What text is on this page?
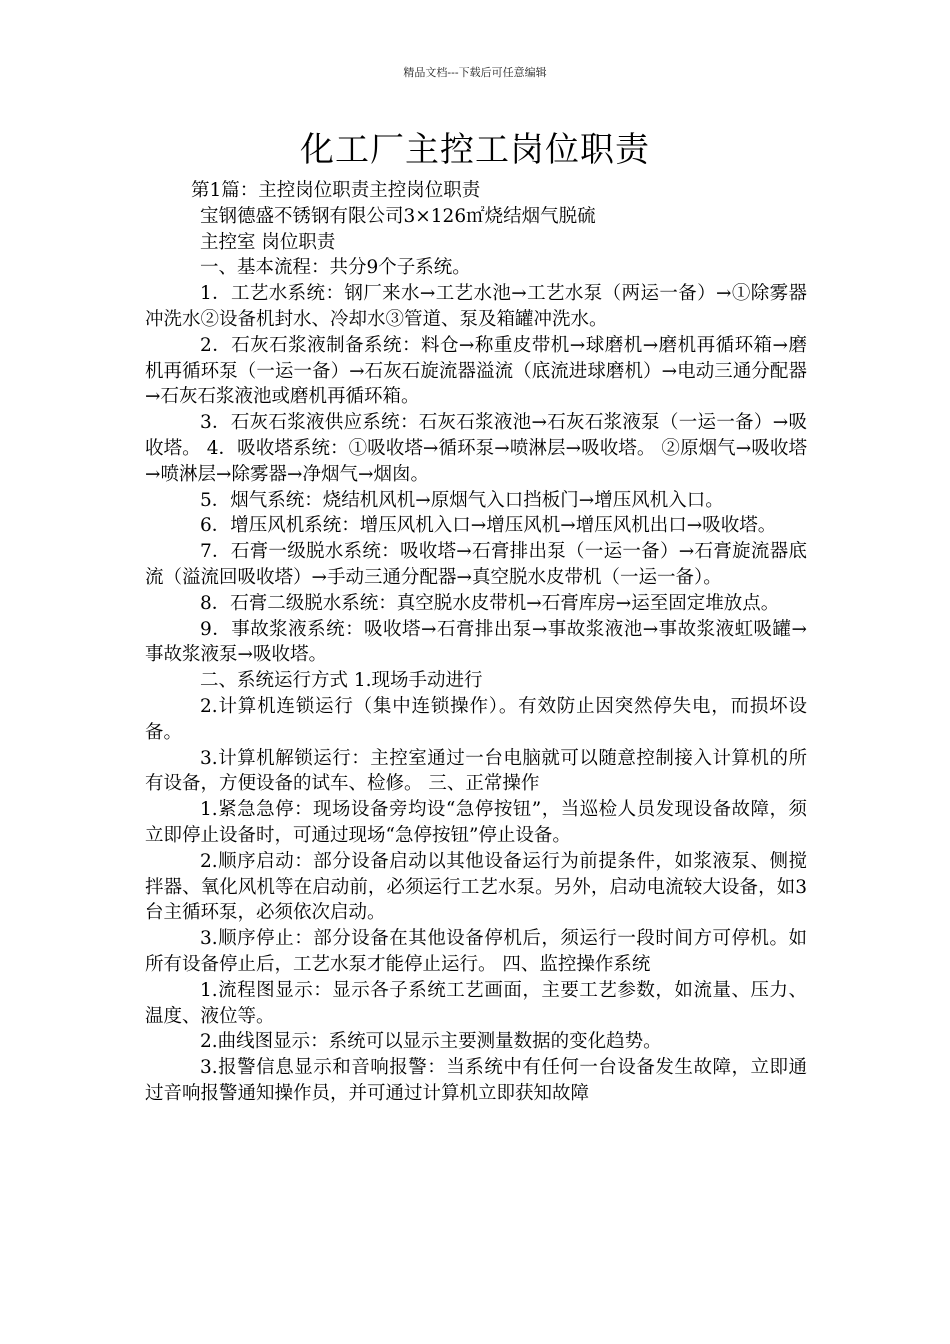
精品文档---下载后可任意编辑
化工厂主控工岗位职责

第1篇：主控岗位职责主控岗位职责

宝钢德盛不锈钢有限公司3×126㎡烧结烟气脱硫

主控室 岗位职责

一、基本流程：共分9个子系统。

1．工艺水系统：钢厂来水→工艺水池→工艺水泵（两运一备）→①除雾器冲洗水②设备机封水、冷却水③管道、泵及箱罐冲洗水。

2．石灰石浆液制备系统：料仓→称重皮带机→球磨机→磨机再循环箱→磨机再循环泵（一运一备）→石灰石旋流器溢流（底流进球磨机）→电动三通分配器→石灰石浆液池或磨机再循环箱。

3．石灰石浆液供应系统：石灰石浆液池→石灰石浆液泵（一运一备）→吸收塔。 4．吸收塔系统：①吸收塔→循环泵→喷淋层→吸收塔。 ②原烟气→吸收塔→喷淋层→除雾器→净烟气→烟囱。

5．烟气系统：烧结机风机→原烟气入口挡板门→增压风机入口。

6．增压风机系统：增压风机入口→增压风机→增压风机出口→吸收塔。

7．石膏一级脱水系统：吸收塔→石膏排出泵（一运一备）→石膏旋流器底流（溢流回吸收塔）→手动三通分配器→真空脱水皮带机（一运一备）。

8．石膏二级脱水系统：真空脱水皮带机→石膏库房→运至固定堆放点。

9．事故浆液系统：吸收塔→石膏排出泵→事故浆液池→事故浆液虹吸罐→事故浆液泵→吸收塔。

二、系统运行方式 1.现场手动进行

2.计算机连锁运行（集中连锁操作）。有效防止因突然停失电，而损坏设备。

3.计算机解锁运行：主控室通过一台电脑就可以随意控制接入计算机的所有设备，方便设备的试车、检修。 三、正常操作

1.紧急急停：现场设备旁均设“急停按钮”，当巡检人员发现设备故障，须立即停止设备时，可通过现场“急停按钮”停止设备。

2.顺序启动：部分设备启动以其他设备运行为前提条件，如浆液泵、侧搅拌器、氧化风机等在启动前，必须运行工艺水泵。另外，启动电流较大设备，如3台主循环泵，必须依次启动。

3.顺序停止：部分设备在其他设备停机后，须运行一段时间方可停机。如所有设备停止后，工艺水泵才能停止运行。 四、监控操作系统

1.流程图显示：显示各子系统工艺画面，主要工艺参数，如流量、压力、温度、液位等。

2.曲线图显示：系统可以显示主要测量数据的变化趋势。

3.报警信息显示和音响报警：当系统中有任何一台设备发生故障，立即通过音响报警通知操作员，并可通过计算机立即获知故障
